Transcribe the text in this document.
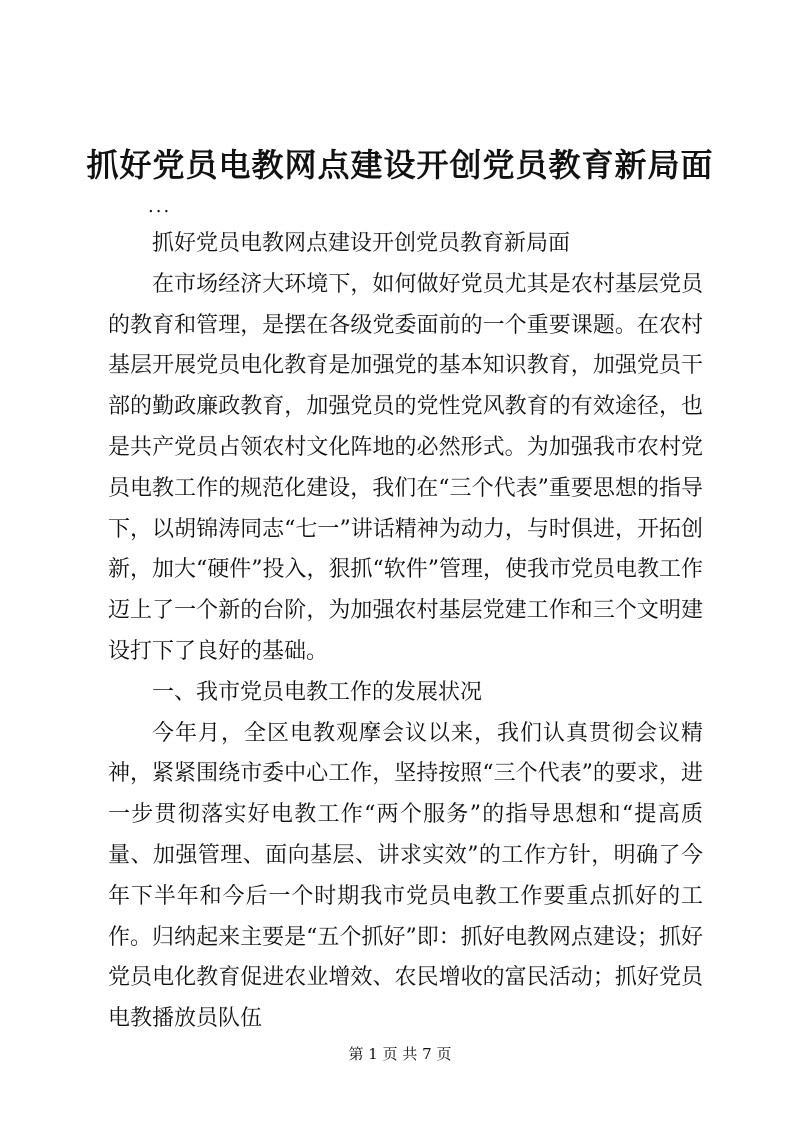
抓好党员电教网点建设开创党员教育新局面
...

抓好党员电教网点建设开创党员教育新局面

在市场经济大环境下，如何做好党员尤其是农村基层党员的教育和管理，是摆在各级党委面前的一个重要课题。在农村基层开展党员电化教育是加强党的基本知识教育，加强党员干部的勤政廉政教育，加强党员的党性党风教育的有效途径，也是共产党员占领农村文化阵地的必然形式。为加强我市农村党员电教工作的规范化建设，我们在“三个代表”重要思想的指导下，以胡锦涛同志“七一”讲话精神为动力，与时俱进，开拓创新，加大“硬件”投入，狠抓“软件”管理，使我市党员电教工作迈上了一个新的台阶，为加强农村基层党建工作和三个文明建设打下了良好的基础。

一、我市党员电教工作的发展状况

今年月，全区电教观摩会议以来，我们认真贯彻会议精神，紧紧围绕市委中心工作，坚持按照“三个代表”的要求，进一步贯彻落实好电教工作“两个服务”的指导思想和“提高质量、加强管理、面向基层、讲求实效”的工作方针，明确了今年下半年和今后一个时期我市党员电教工作要重点抓好的工作。归纳起来主要是“五个抓好”即：抓好电教网点建设；抓好党员电化教育促进农业增效、农民增收的富民活动；抓好党员电教播放员队伍

第 1 页 共 7 页
